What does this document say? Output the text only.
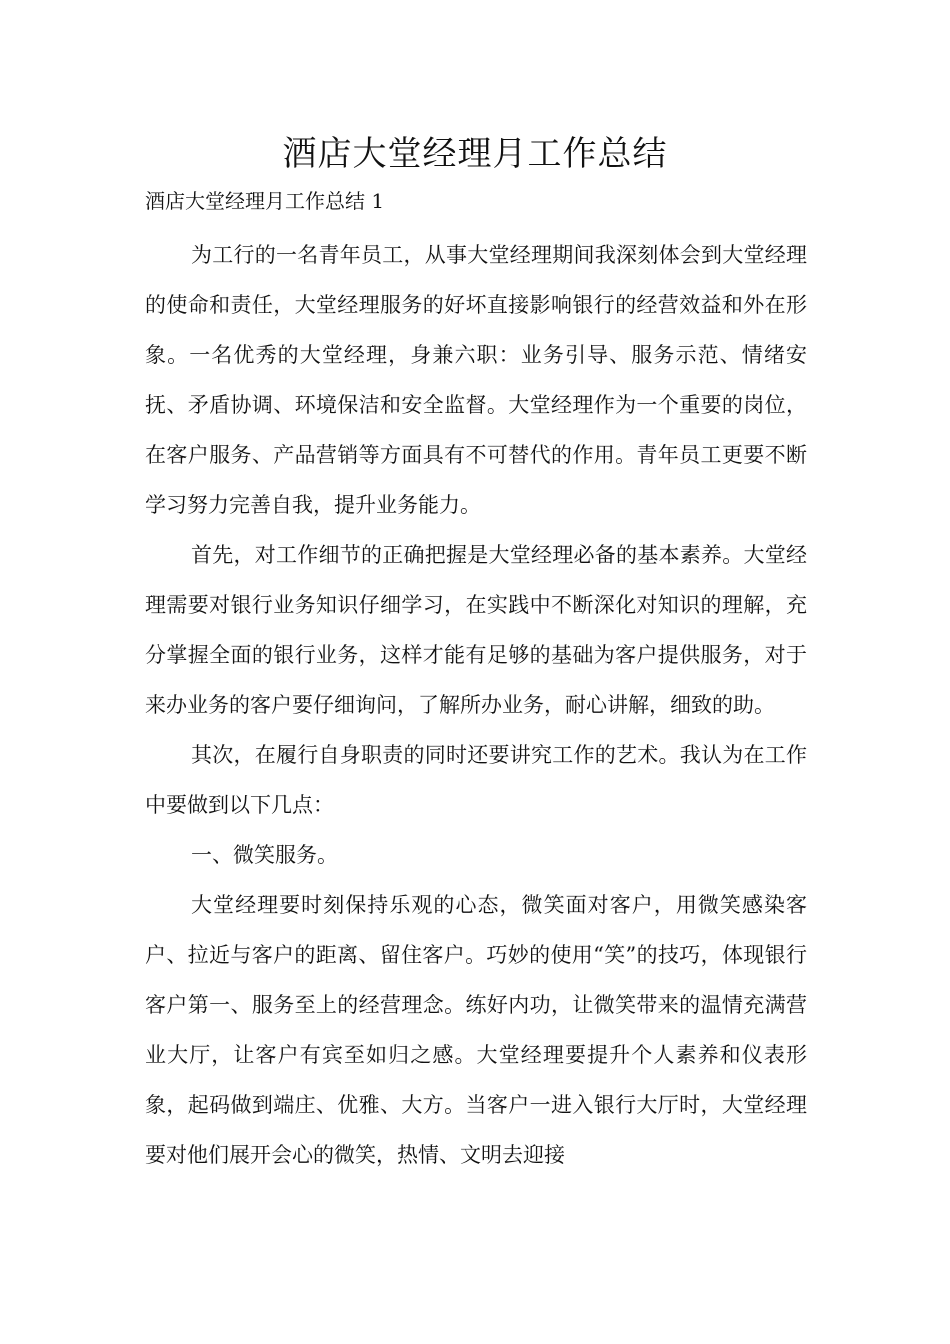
酒店大堂经理月工作总结

酒店大堂经理月工作总结 1

为工行的一名青年员工，从事大堂经理期间我深刻体会到大堂经理的使命和责任，大堂经理服务的好坏直接影响银行的经营效益和外在形象。一名优秀的大堂经理，身兼六职：业务引导、服务示范、情绪安抚、矛盾协调、环境保洁和安全监督。大堂经理作为一个重要的岗位，在客户服务、产品营销等方面具有不可替代的作用。青年员工更要不断学习努力完善自我，提升业务能力。

首先，对工作细节的正确把握是大堂经理必备的基本素养。大堂经理需要对银行业务知识仔细学习，在实践中不断深化对知识的理解，充分掌握全面的银行业务，这样才能有足够的基础为客户提供服务，对于来办业务的客户要仔细询问，了解所办业务，耐心讲解，细致的助。

其次，在履行自身职责的同时还要讲究工作的艺术。我认为在工作中要做到以下几点：

一、微笑服务。

大堂经理要时刻保持乐观的心态，微笑面对客户，用微笑感染客户、拉近与客户的距离、留住客户。巧妙的使用“笑”的技巧，体现银行客户第一、服务至上的经营理念。练好内功，让微笑带来的温情充满营业大厅，让客户有宾至如归之感。大堂经理要提升个人素养和仪表形象，起码做到端庄、优雅、大方。当客户一进入银行大厅时，大堂经理要对他们展开会心的微笑，热情、文明去迎接
